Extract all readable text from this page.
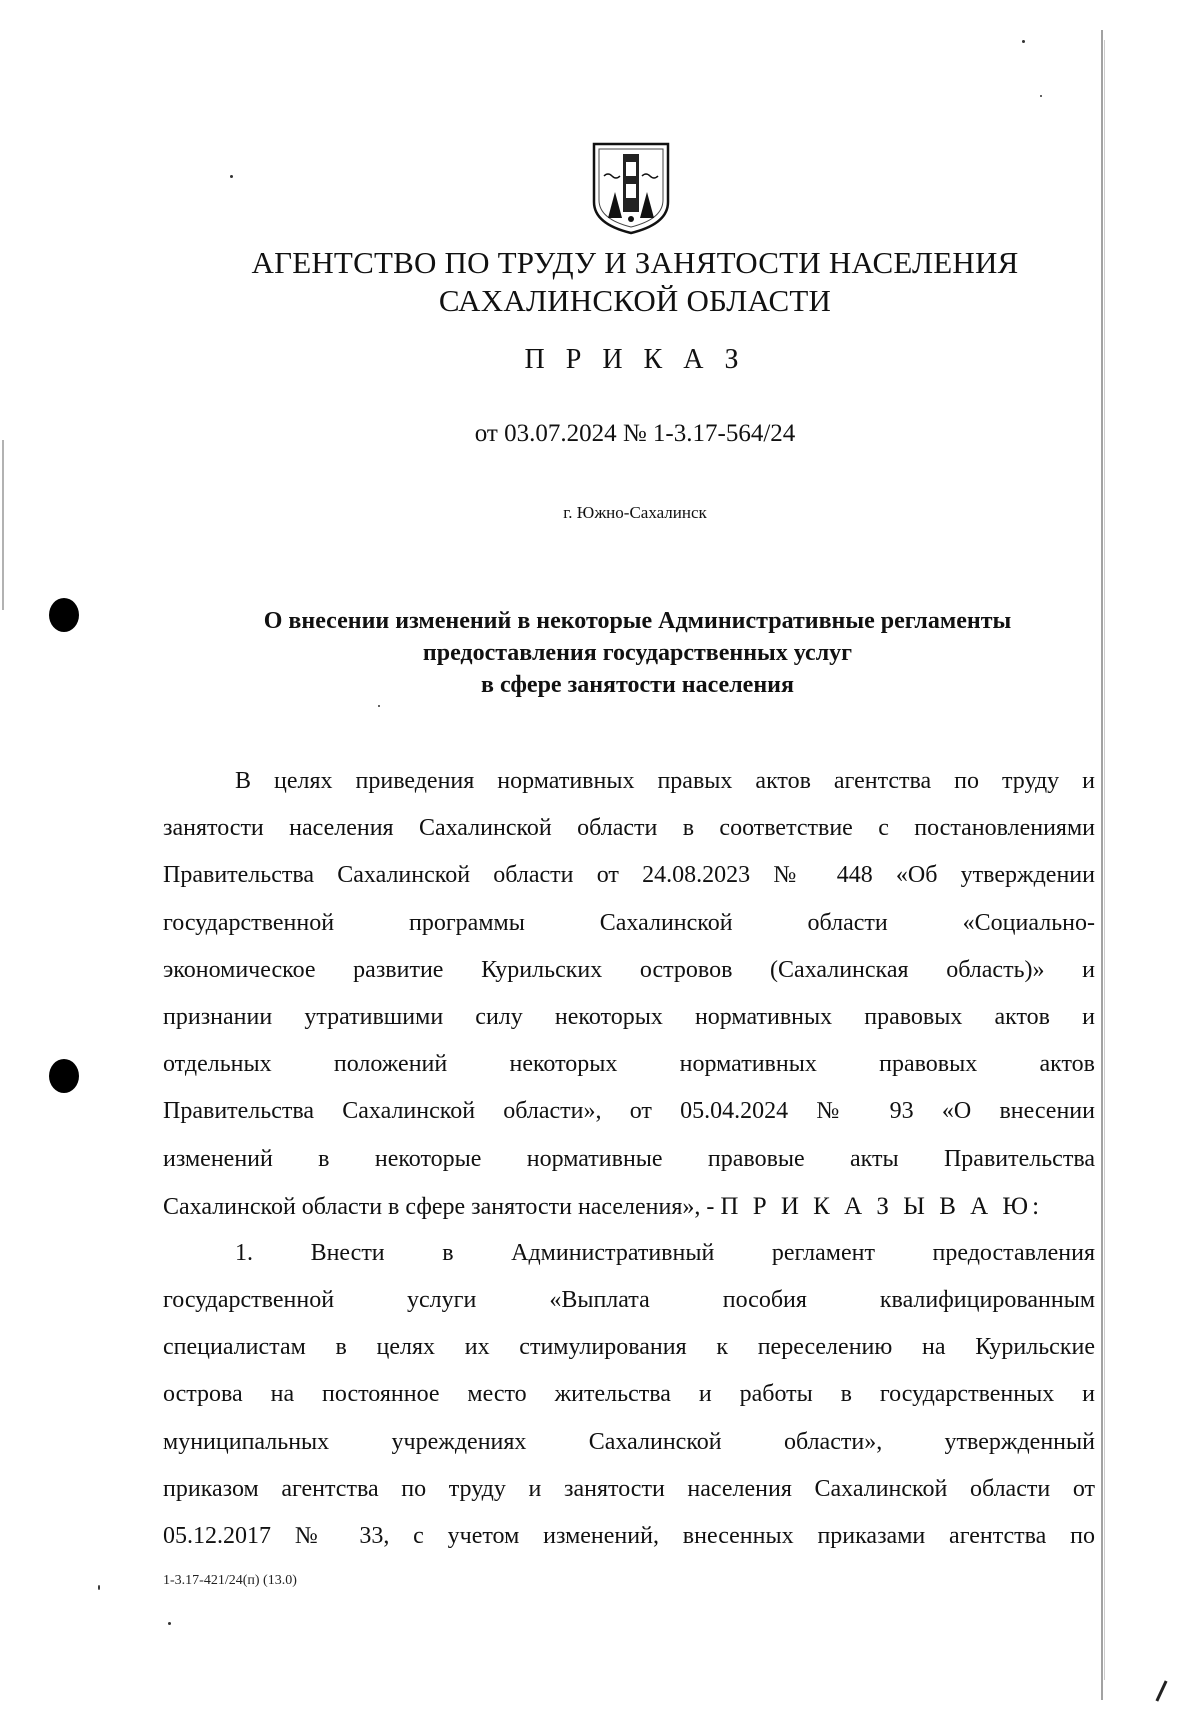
АГЕНТСТВО ПО ТРУДУ И ЗАНЯТОСТИ НАСЕЛЕНИЯ
САХАЛИНСКОЙ ОБЛАСТИ
П Р И К А З
от 03.07.2024 № 1-3.17-564/24
г. Южно-Сахалинск
О внесении изменений в некоторые Административные регламенты
предоставления государственных услуг
в сфере занятости населения
В целях приведения нормативных правых актов агентства по труду и
занятости населения Сахалинской области в соответствие с постановлениями
Правительства Сахалинской области от 24.08.2023 № 448 «Об утверждении
государственной программы Сахалинской области «Социально-
экономическое развитие Курильских островов (Сахалинская область)» и
признании утратившими силу некоторых нормативных правовых актов и
отдельных положений некоторых нормативных правовых актов
Правительства Сахалинской области», от 05.04.2024 № 93 «О внесении
изменений в некоторые нормативные правовые акты Правительства
Сахалинской области в сфере занятости населения», - П Р И К А З Ы В А Ю:
1. Внести в Административный регламент предоставления
государственной услуги «Выплата пособия квалифицированным
специалистам в целях их стимулирования к переселению на Курильские
острова на постоянное место жительства и работы в государственных и
муниципальных учреждениях Сахалинской области», утвержденный
приказом агентства по труду и занятости населения Сахалинской области от
05.12.2017 № 33, с учетом изменений, внесенных приказами агентства по
1-3.17-421/24(п) (13.0)
